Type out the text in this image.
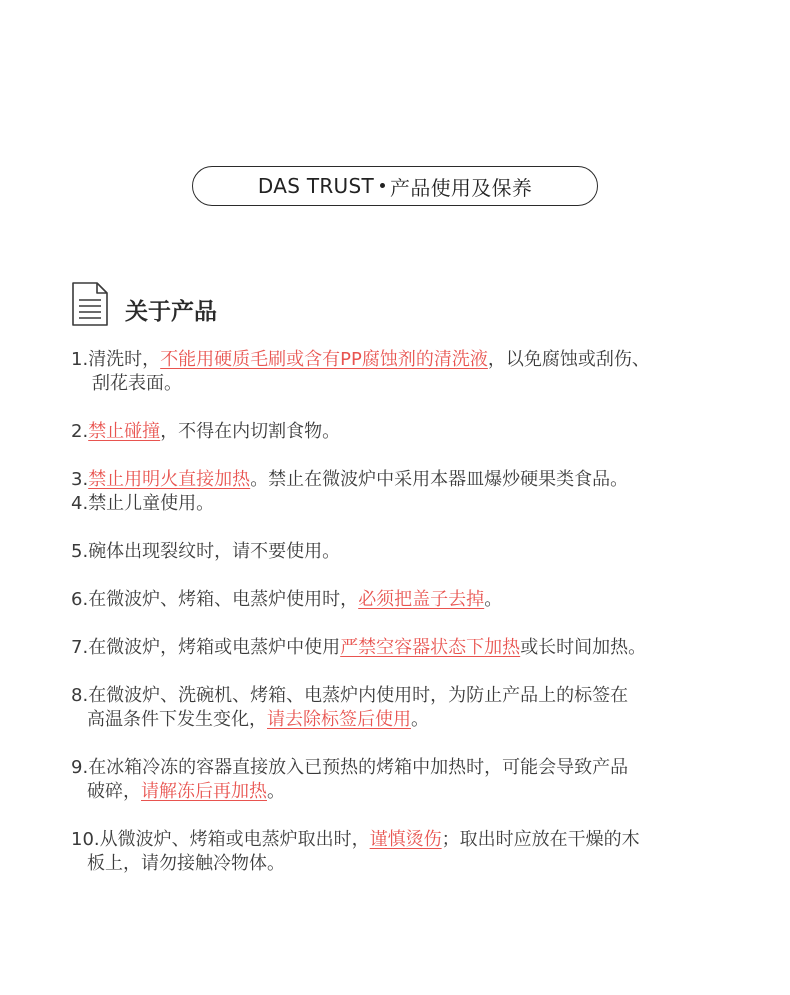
DAS TRUST 产品使用及保养
关于产品
1.清洗时，不能用硬质毛刷或含有PP腐蚀剂的清洗液，以免腐蚀或刮伤、
刮花表面。
2.禁止碰撞，不得在内切割食物。
3.禁止用明火直接加热。禁止在微波炉中采用本器皿爆炒硬果类食品。
4.禁止儿童使用。
5.碗体出现裂纹时，请不要使用。
6.在微波炉、烤箱、电蒸炉使用时，必须把盖子去掉。
7.在微波炉，烤箱或电蒸炉中使用严禁空容器状态下加热或长时间加热。
8.在微波炉、洗碗机、烤箱、电蒸炉内使用时，为防止产品上的标签在
高温条件下发生变化，请去除标签后使用。
9.在冰箱冷冻的容器直接放入已预热的烤箱中加热时，可能会导致产品
破碎，请解冻后再加热。
10.从微波炉、烤箱或电蒸炉取出时，谨慎烫伤；取出时应放在干燥的木
板上，请勿接触冷物体。
